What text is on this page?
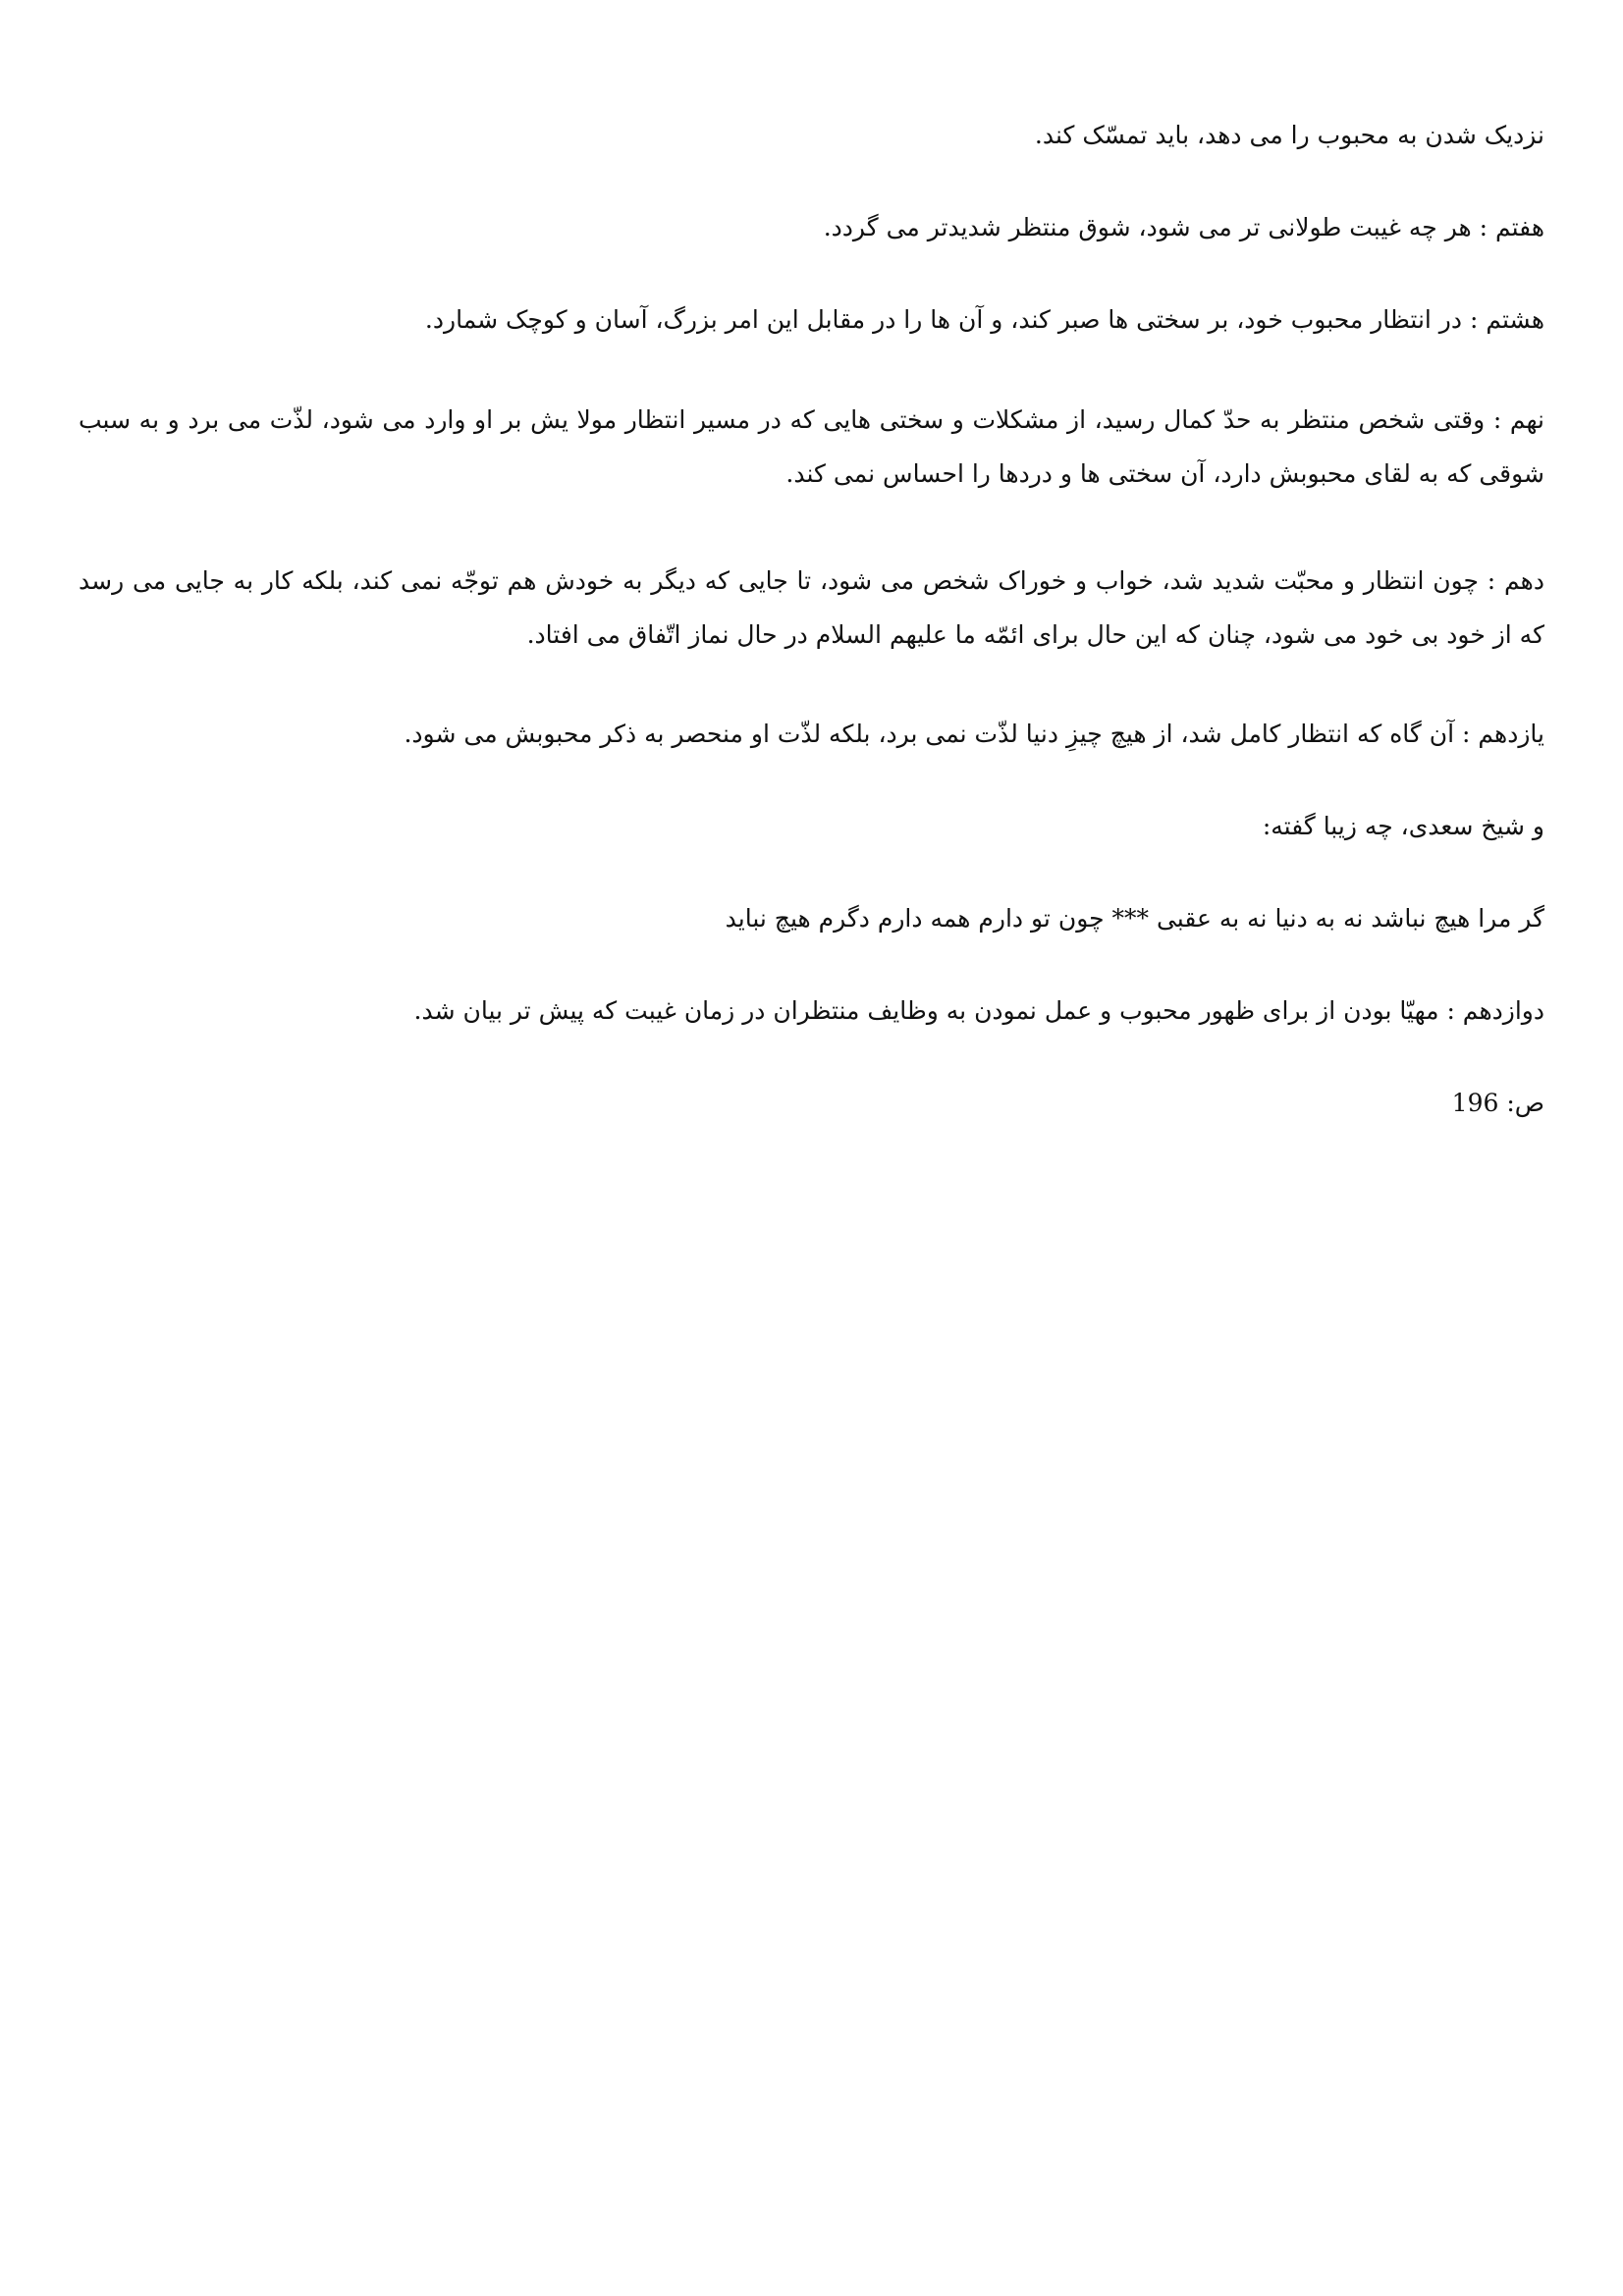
نزدیک شدن به محبوب را می دهد، باید تمسّک کند.

هفتم : هر چه غیبت طولانی تر می شود، شوق منتظر شدیدتر می گردد.

هشتم : در انتظار محبوب خود، بر سختی ها صبر کند، و آن ها را در مقابل این امر بزرگ، آسان و کوچک شمارد.

نهم : وقتی شخص منتظر به حدّ کمال رسید، از مشکلات و سختی هایی که در مسیر انتظار مولا یش بر او وارد می شود، لذّت می برد و به سبب شوقی که به لقای محبوبش دارد، آن سختی ها و دردها را احساس نمی کند.

دهم : چون انتظار و محبّت شدید شد، خواب و خوراک شخص می شود، تا جایی که دیگر به خودش هم توجّه نمی کند، بلکه کار به جایی می رسد که از خود بی خود می شود، چنان که این حال برای ائمّه ما علیهم السلام در حال نماز اتّفاق می افتاد.

یازدهم : آن گاه که انتظار کامل شد، از هیچ چیزِ دنیا لذّت نمی برد، بلکه لذّت او منحصر به ذکر محبوبش می شود.

و شیخ سعدی، چه زیبا گفته:

گر مرا هیچ نباشد نه به دنیا نه به عقبی *** چون تو دارم همه دارم دگرم هیچ نباید

دوازدهم : مهیّا بودن از برای ظهور محبوب و عمل نمودن به وظایف منتظران در زمان غیبت که پیش تر بیان شد.

ص: 196
